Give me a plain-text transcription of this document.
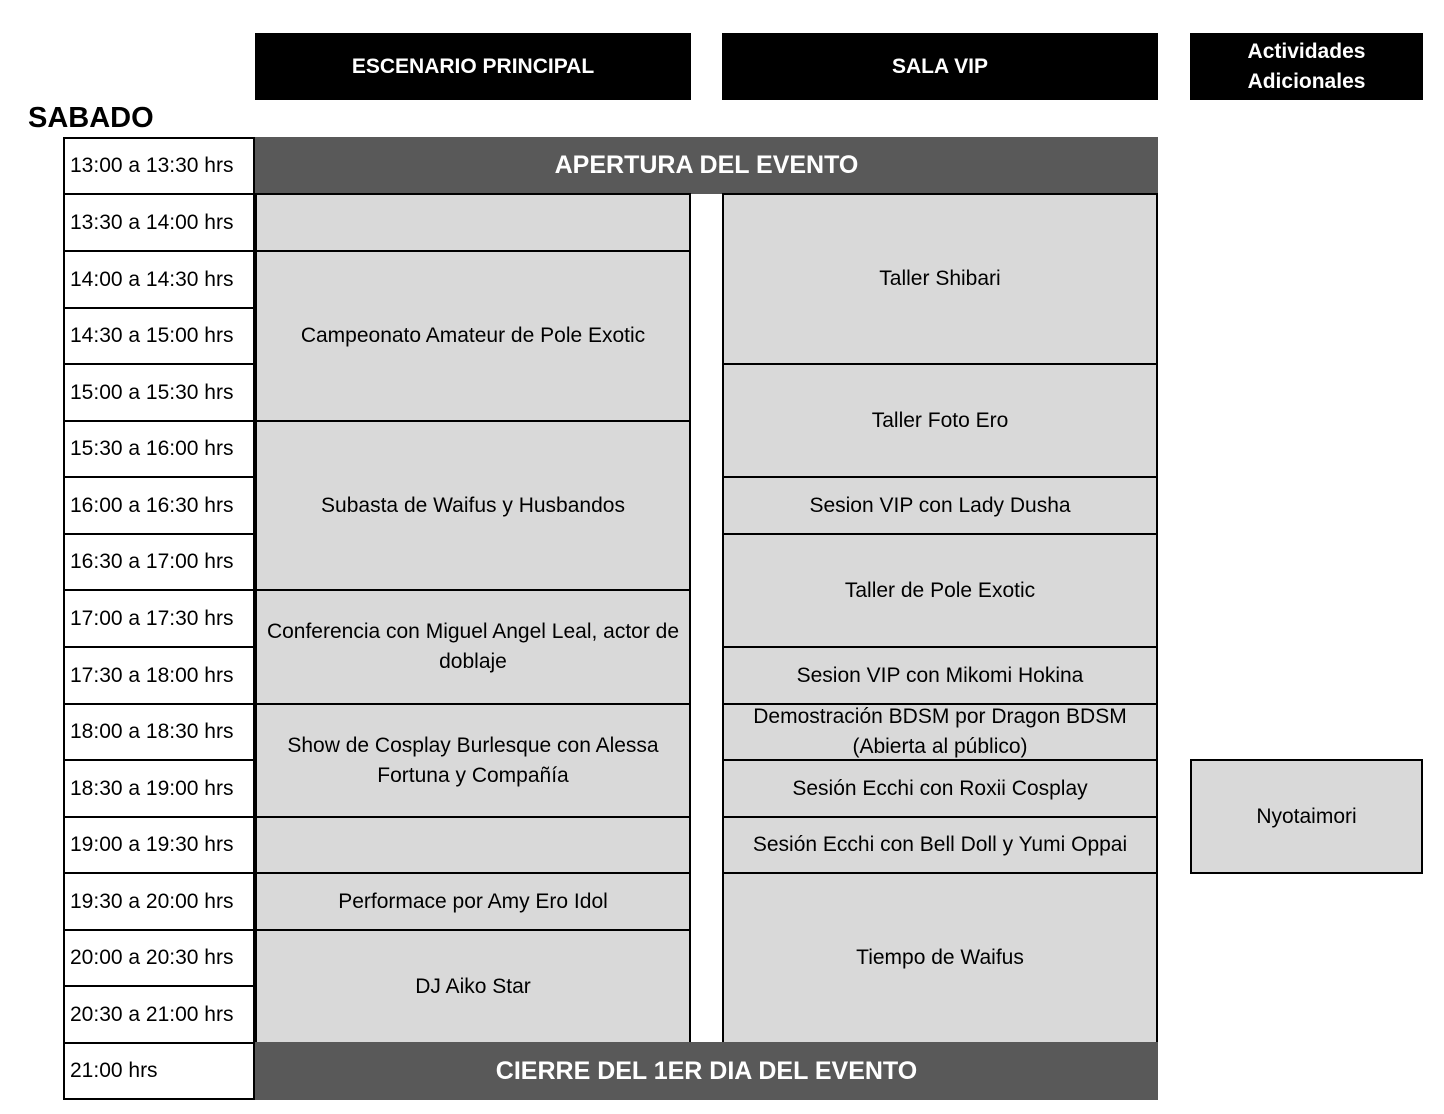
ESCENARIO PRINCIPAL	SALA VIP
Actividades
Adicionales
SABADO
13:00 a 13:30 hrs
13:30 a 14:00 hrs
14:00 a 14:30 hrs
14:30 a 15:00 hrs
15:00 a 15:30 hrs
15:30 a 16:00 hrs
16:00 a 16:30 hrs
16:30 a 17:00 hrs
17:00 a 17:30 hrs
17:30 a 18:00 hrs
18:00 a 18:30 hrs
18:30 a 19:00 hrs
19:00 a 19:30 hrs
19:30 a 20:00 hrs
20:00 a 20:30 hrs
20:30 a 21:00 hrs
21:00 hrs
APERTURA DEL EVENTO
Campeonato Amateur de Pole Exotic
Subasta de Waifus y Husbandos
Conferencia con Miguel Angel Leal, actor de doblaje
Show de Cosplay Burlesque con Alessa Fortuna y Compañía
Performace por Amy Ero Idol
DJ Aiko Star
Taller Shibari
Taller Foto Ero
Sesion VIP con Lady Dusha
Taller de Pole Exotic
Sesion VIP con Mikomi Hokina
Demostración BDSM por Dragon BDSM (Abierta al público)
Sesión Ecchi con Roxii Cosplay
Sesión Ecchi con Bell Doll y Yumi Oppai
Tiempo de Waifus
Nyotaimori
CIERRE DEL 1ER DIA DEL EVENTO
